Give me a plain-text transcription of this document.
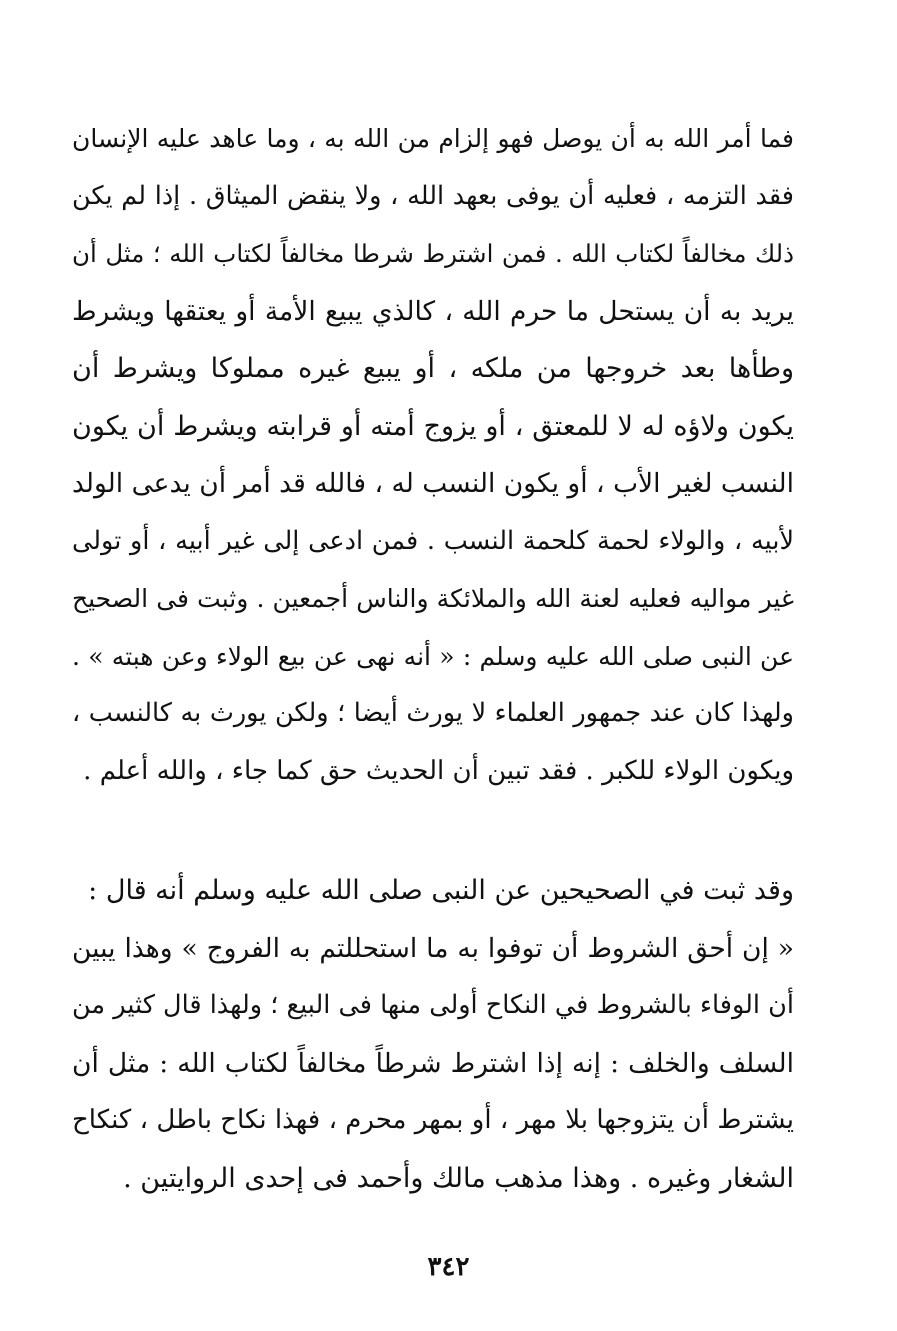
فما أمر الله به أن يوصل فهو إلزام من الله به ، وما عاهد عليه الإنسان
فقد التزمه ، فعليه أن يوفى بعهد الله ، ولا ينقض الميثاق . إذا لم يكن
ذلك مخالفاً لكتاب الله . فمن اشترط شرطا مخالفاً لكتاب الله ؛ مثل أن
يريد به أن يستحل ما حرم الله ، كالذي يبيع الأمة أو يعتقها ويشرط
وطأها بعد خروجها من ملكه ، أو يبيع غيره مملوكا ويشرط أن
يكون ولاؤه له لا للمعتق ، أو يزوج أمته أو قرابته ويشرط أن يكون
النسب لغير الأب ، أو يكون النسب له ، فالله قد أمر أن يدعى الولد
لأبيه ، والولاء لحمة كلحمة النسب . فمن ادعى إلى غير أبيه ، أو تولى
غير مواليه فعليه لعنة الله والملائكة والناس أجمعين . وثبت فى الصحيح
عن النبى صلى الله عليه وسلم : « أنه نهى عن بيع الولاء وعن هبته » .
ولهذا كان عند جمهور العلماء لا يورث أيضا ؛ ولكن يورث به كالنسب ،
ويكون الولاء للكبر . فقد تبين أن الحديث حق كما جاء ، والله أعلم .
وقد ثبت في الصحيحين عن النبى صلى الله عليه وسلم أنه قال :
« إن أحق الشروط أن توفوا به ما استحللتم به الفروج » وهذا يبين
أن الوفاء بالشروط في النكاح أولى منها فى البيع ؛ ولهذا قال كثير من
السلف والخلف : إنه إذا اشترط شرطاً مخالفاً لكتاب الله : مثل أن
يشترط أن يتزوجها بلا مهر ، أو بمهر محرم ، فهذا نكاح باطل ، كنكاح
الشغار وغيره . وهذا مذهب مالك وأحمد فى إحدى الروايتين .
٣٤٢
